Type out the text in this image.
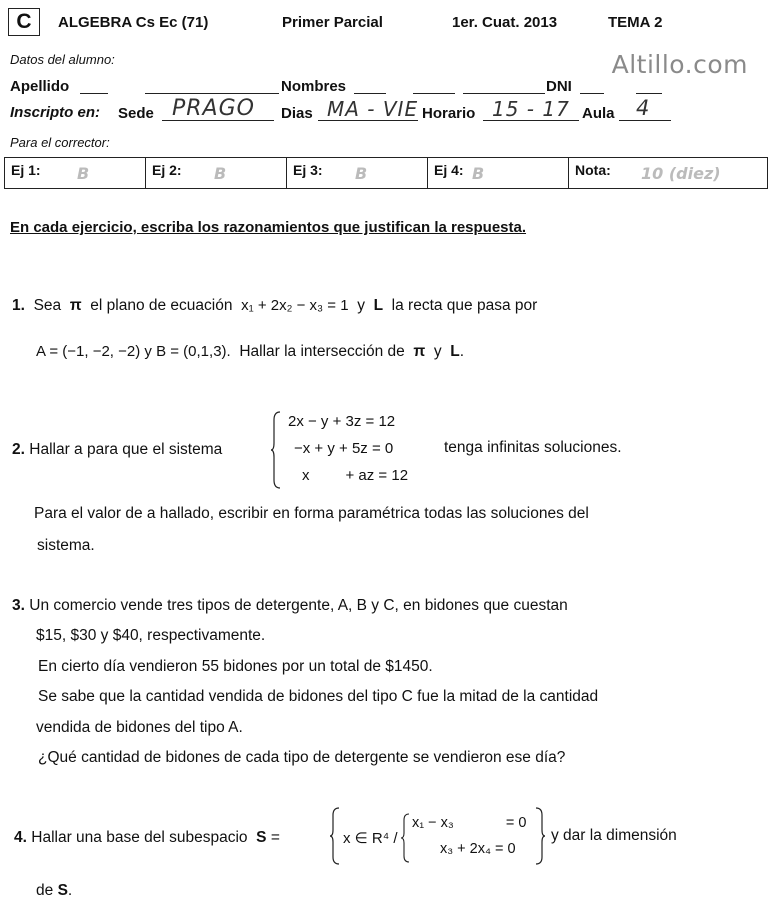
C	ALGEBRA Cs Ec (71)	Primer Parcial	1er. Cuat. 2013	TEMA 2
Altillo.com
Datos del alumno:
Apellido	Nombres	DNI
Inscripto en: Sede PRAGO Dias MA - VIE Horario 15 - 17 Aula 4
Para el corrector:
Ej 1: B	Ej 2: B	Ej 3: B	Ej 4: B	Nota: 10 (diez)
En cada ejercicio, escriba los razonamientos que justifican la respuesta.
1. Sea π el plano de ecuación x₁ + 2x₂ − x₃ = 1 y L la recta que pasa por
A = (−1, −2, −2) y B = (0,1,3). Hallar la intersección de π y L.
2. Hallar a para que el sistema
2x − y + 3z = 12
−x + y + 5z = 0
x + az = 12
tenga infinitas soluciones.
Para el valor de a hallado, escribir en forma paramétrica todas las soluciones del
sistema.
3. Un comercio vende tres tipos de detergente, A, B y C, en bidones que cuestan
$15, $30 y $40, respectivamente.
En cierto día vendieron 55 bidones por un total de $1450.
Se sabe que la cantidad vendida de bidones del tipo C fue la mitad de la cantidad
vendida de bidones del tipo A.
¿Qué cantidad de bidones de cada tipo de detergente se vendieron ese día?
4. Hallar una base del subespacio S =	x ∈ R⁴ /
x₁ − x₃	= 0
x₃ + 2x₄ = 0
y dar la dimensión
de S.
